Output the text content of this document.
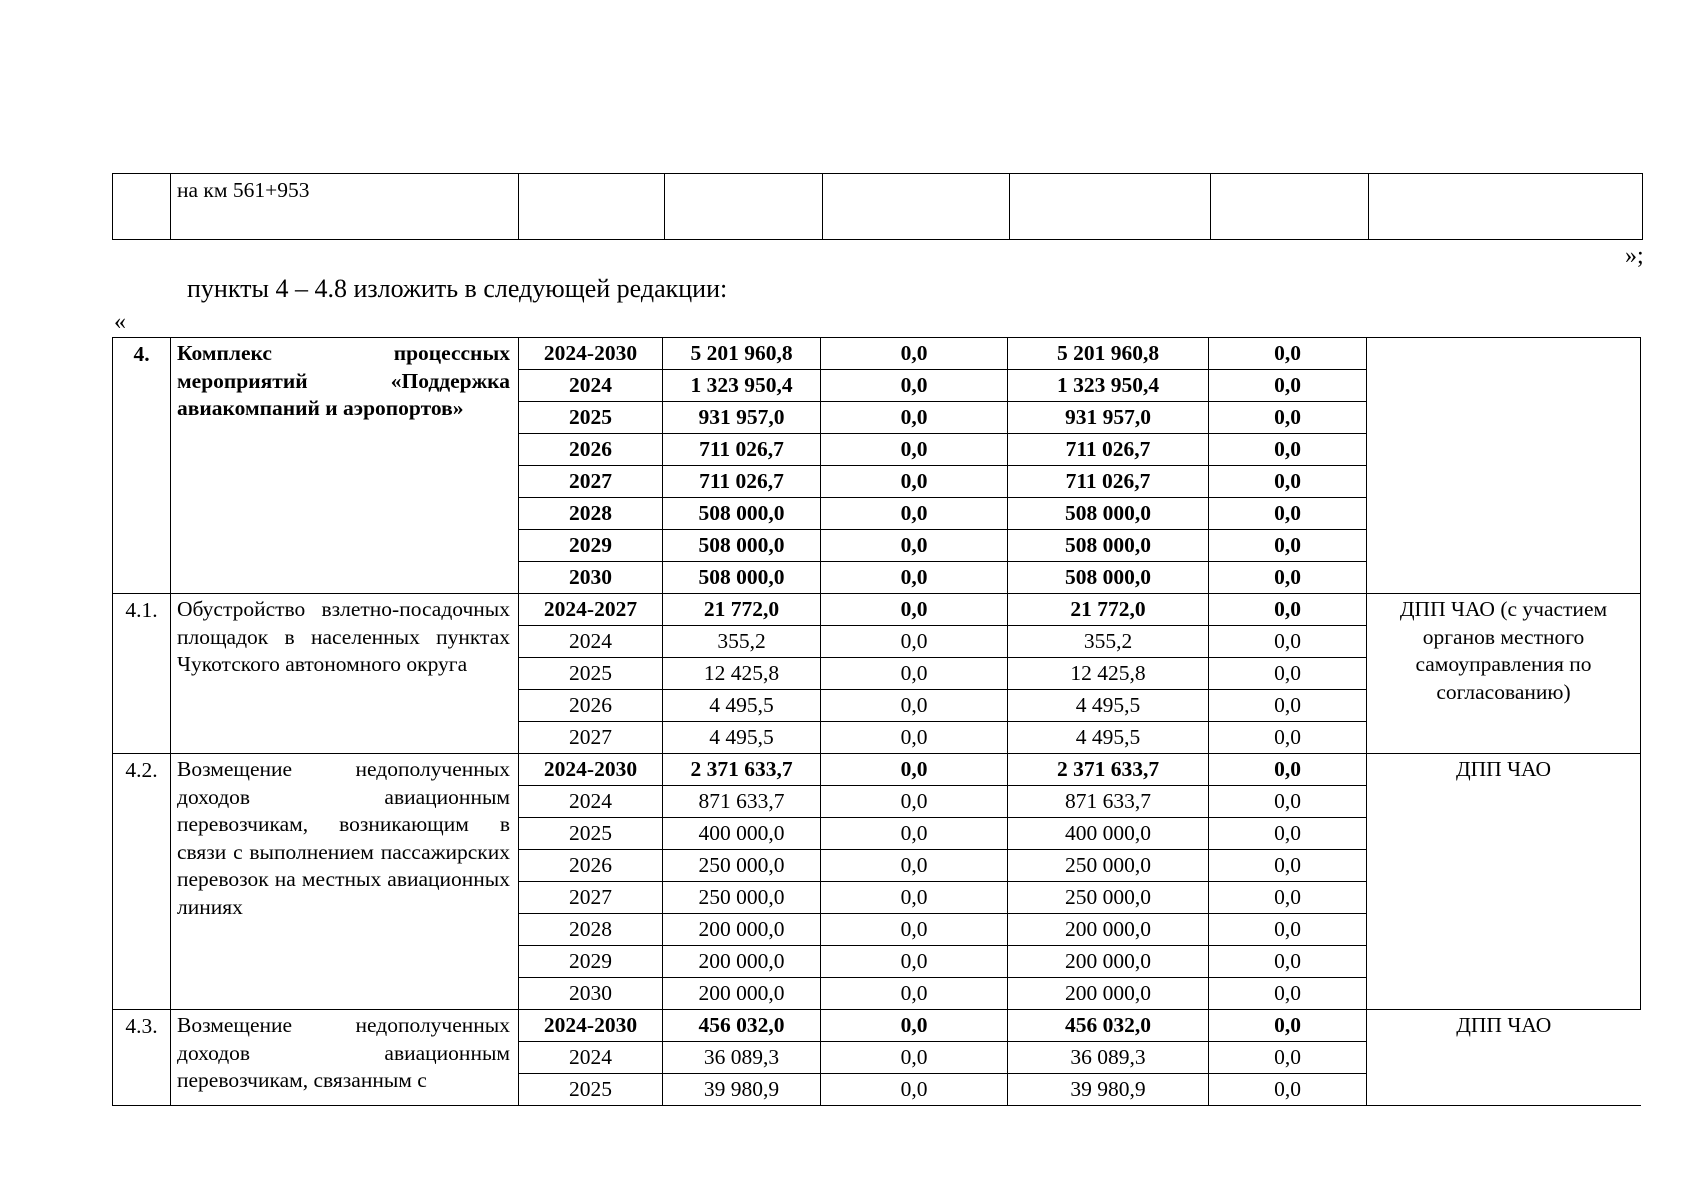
	на км 561+953						
»;
пункты 4 – 4.8 изложить в следующей редакции:
«
4.	Комплекс процессных мероприятий «Поддержка авиакомпаний и аэропортов»	2024-2030	5 201 960,8	0,0	5 201 960,8	0,0	
		2024	1 323 950,4	0,0	1 323 950,4	0,0	
		2025	931 957,0	0,0	931 957,0	0,0	
		2026	711 026,7	0,0	711 026,7	0,0	
		2027	711 026,7	0,0	711 026,7	0,0	
		2028	508 000,0	0,0	508 000,0	0,0	
		2029	508 000,0	0,0	508 000,0	0,0	
		2030	508 000,0	0,0	508 000,0	0,0	
4.1.	Обустройство взлетно-посадочных площадок в населенных пунктах Чукотского автономного округа	2024-2027	21 772,0	0,0	21 772,0	0,0	ДПП ЧАО (с участием органов местного самоуправления по согласованию)
		2024	355,2	0,0	355,2	0,0	
		2025	12 425,8	0,0	12 425,8	0,0	
		2026	4 495,5	0,0	4 495,5	0,0	
		2027	4 495,5	0,0	4 495,5	0,0	
4.2.	Возмещение недополученных доходов авиационным перевозчикам, возникающим в связи с выполнением пассажирских перевозок на местных авиационных линиях	2024-2030	2 371 633,7	0,0	2 371 633,7	0,0	ДПП ЧАО
		2024	871 633,7	0,0	871 633,7	0,0	
		2025	400 000,0	0,0	400 000,0	0,0	
		2026	250 000,0	0,0	250 000,0	0,0	
		2027	250 000,0	0,0	250 000,0	0,0	
		2028	200 000,0	0,0	200 000,0	0,0	
		2029	200 000,0	0,0	200 000,0	0,0	
		2030	200 000,0	0,0	200 000,0	0,0	
4.3.	Возмещение недополученных доходов авиационным перевозчикам, связанным с	2024-2030	456 032,0	0,0	456 032,0	0,0	ДПП ЧАО
		2024	36 089,3	0,0	36 089,3	0,0	
		2025	39 980,9	0,0	39 980,9	0,0	
